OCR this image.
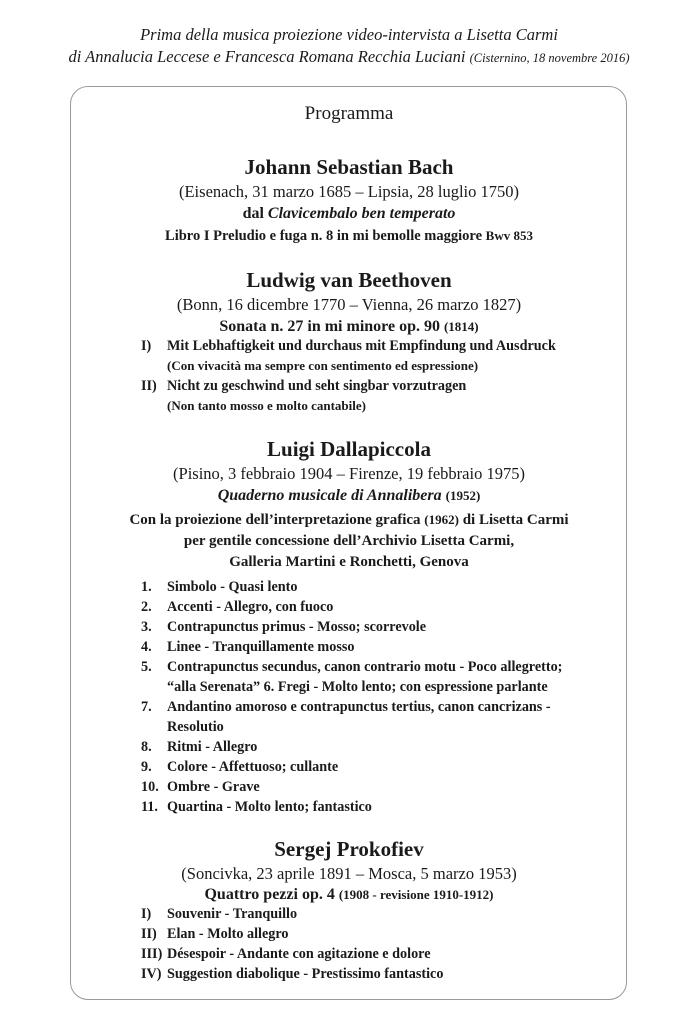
Prima della musica proiezione video-intervista a Lisetta Carmi
di Annalucia Leccese e Francesca Romana Recchia Luciani (Cisternino, 18 novembre 2016)
Programma
Johann Sebastian Bach
(Eisenach, 31 marzo 1685 – Lipsia, 28 luglio 1750)
dal Clavicembalo ben temperato
Libro I Preludio e fuga n. 8 in mi bemolle maggiore Bwv 853
Ludwig van Beethoven
(Bonn, 16 dicembre 1770 – Vienna, 26 marzo 1827)
Sonata n. 27 in mi minore op. 90 (1814)
I) Mit Lebhaftigkeit und durchaus mit Empfindung und Ausdruck
(Con vivacità ma sempre con sentimento ed espressione)
II) Nicht zu geschwind und seht singbar vorzutragen
(Non tanto mosso e molto cantabile)
Luigi Dallapiccola
(Pisino, 3 febbraio 1904 – Firenze, 19 febbraio 1975)
Quaderno musicale di Annalibera (1952)
Con la proiezione dell’interpretazione grafica (1962) di Lisetta Carmi
per gentile concessione dell’Archivio Lisetta Carmi,
Galleria Martini e Ronchetti, Genova
1. Simbolo - Quasi lento
2. Accenti - Allegro, con fuoco
3. Contrapunctus primus - Mosso; scorrevole
4. Linee - Tranquillamente mosso
5. Contrapunctus secundus, canon contrario motu - Poco allegretto;
“alla Serenata” 6. Fregi - Molto lento; con espressione parlante
7. Andantino amoroso e contrapunctus tertius, canon cancrizans -
Resolutio
8. Ritmi - Allegro
9. Colore - Affettuoso; cullante
10. Ombre - Grave
11. Quartina - Molto lento; fantastico
Sergej Prokofiev
(Soncivka, 23 aprile 1891 – Mosca, 5 marzo 1953)
Quattro pezzi op. 4 (1908 - revisione 1910-1912)
I) Souvenir - Tranquillo
II) Elan - Molto allegro
III) Désespoir - Andante con agitazione e dolore
IV) Suggestion diabolique - Prestissimo fantastico
